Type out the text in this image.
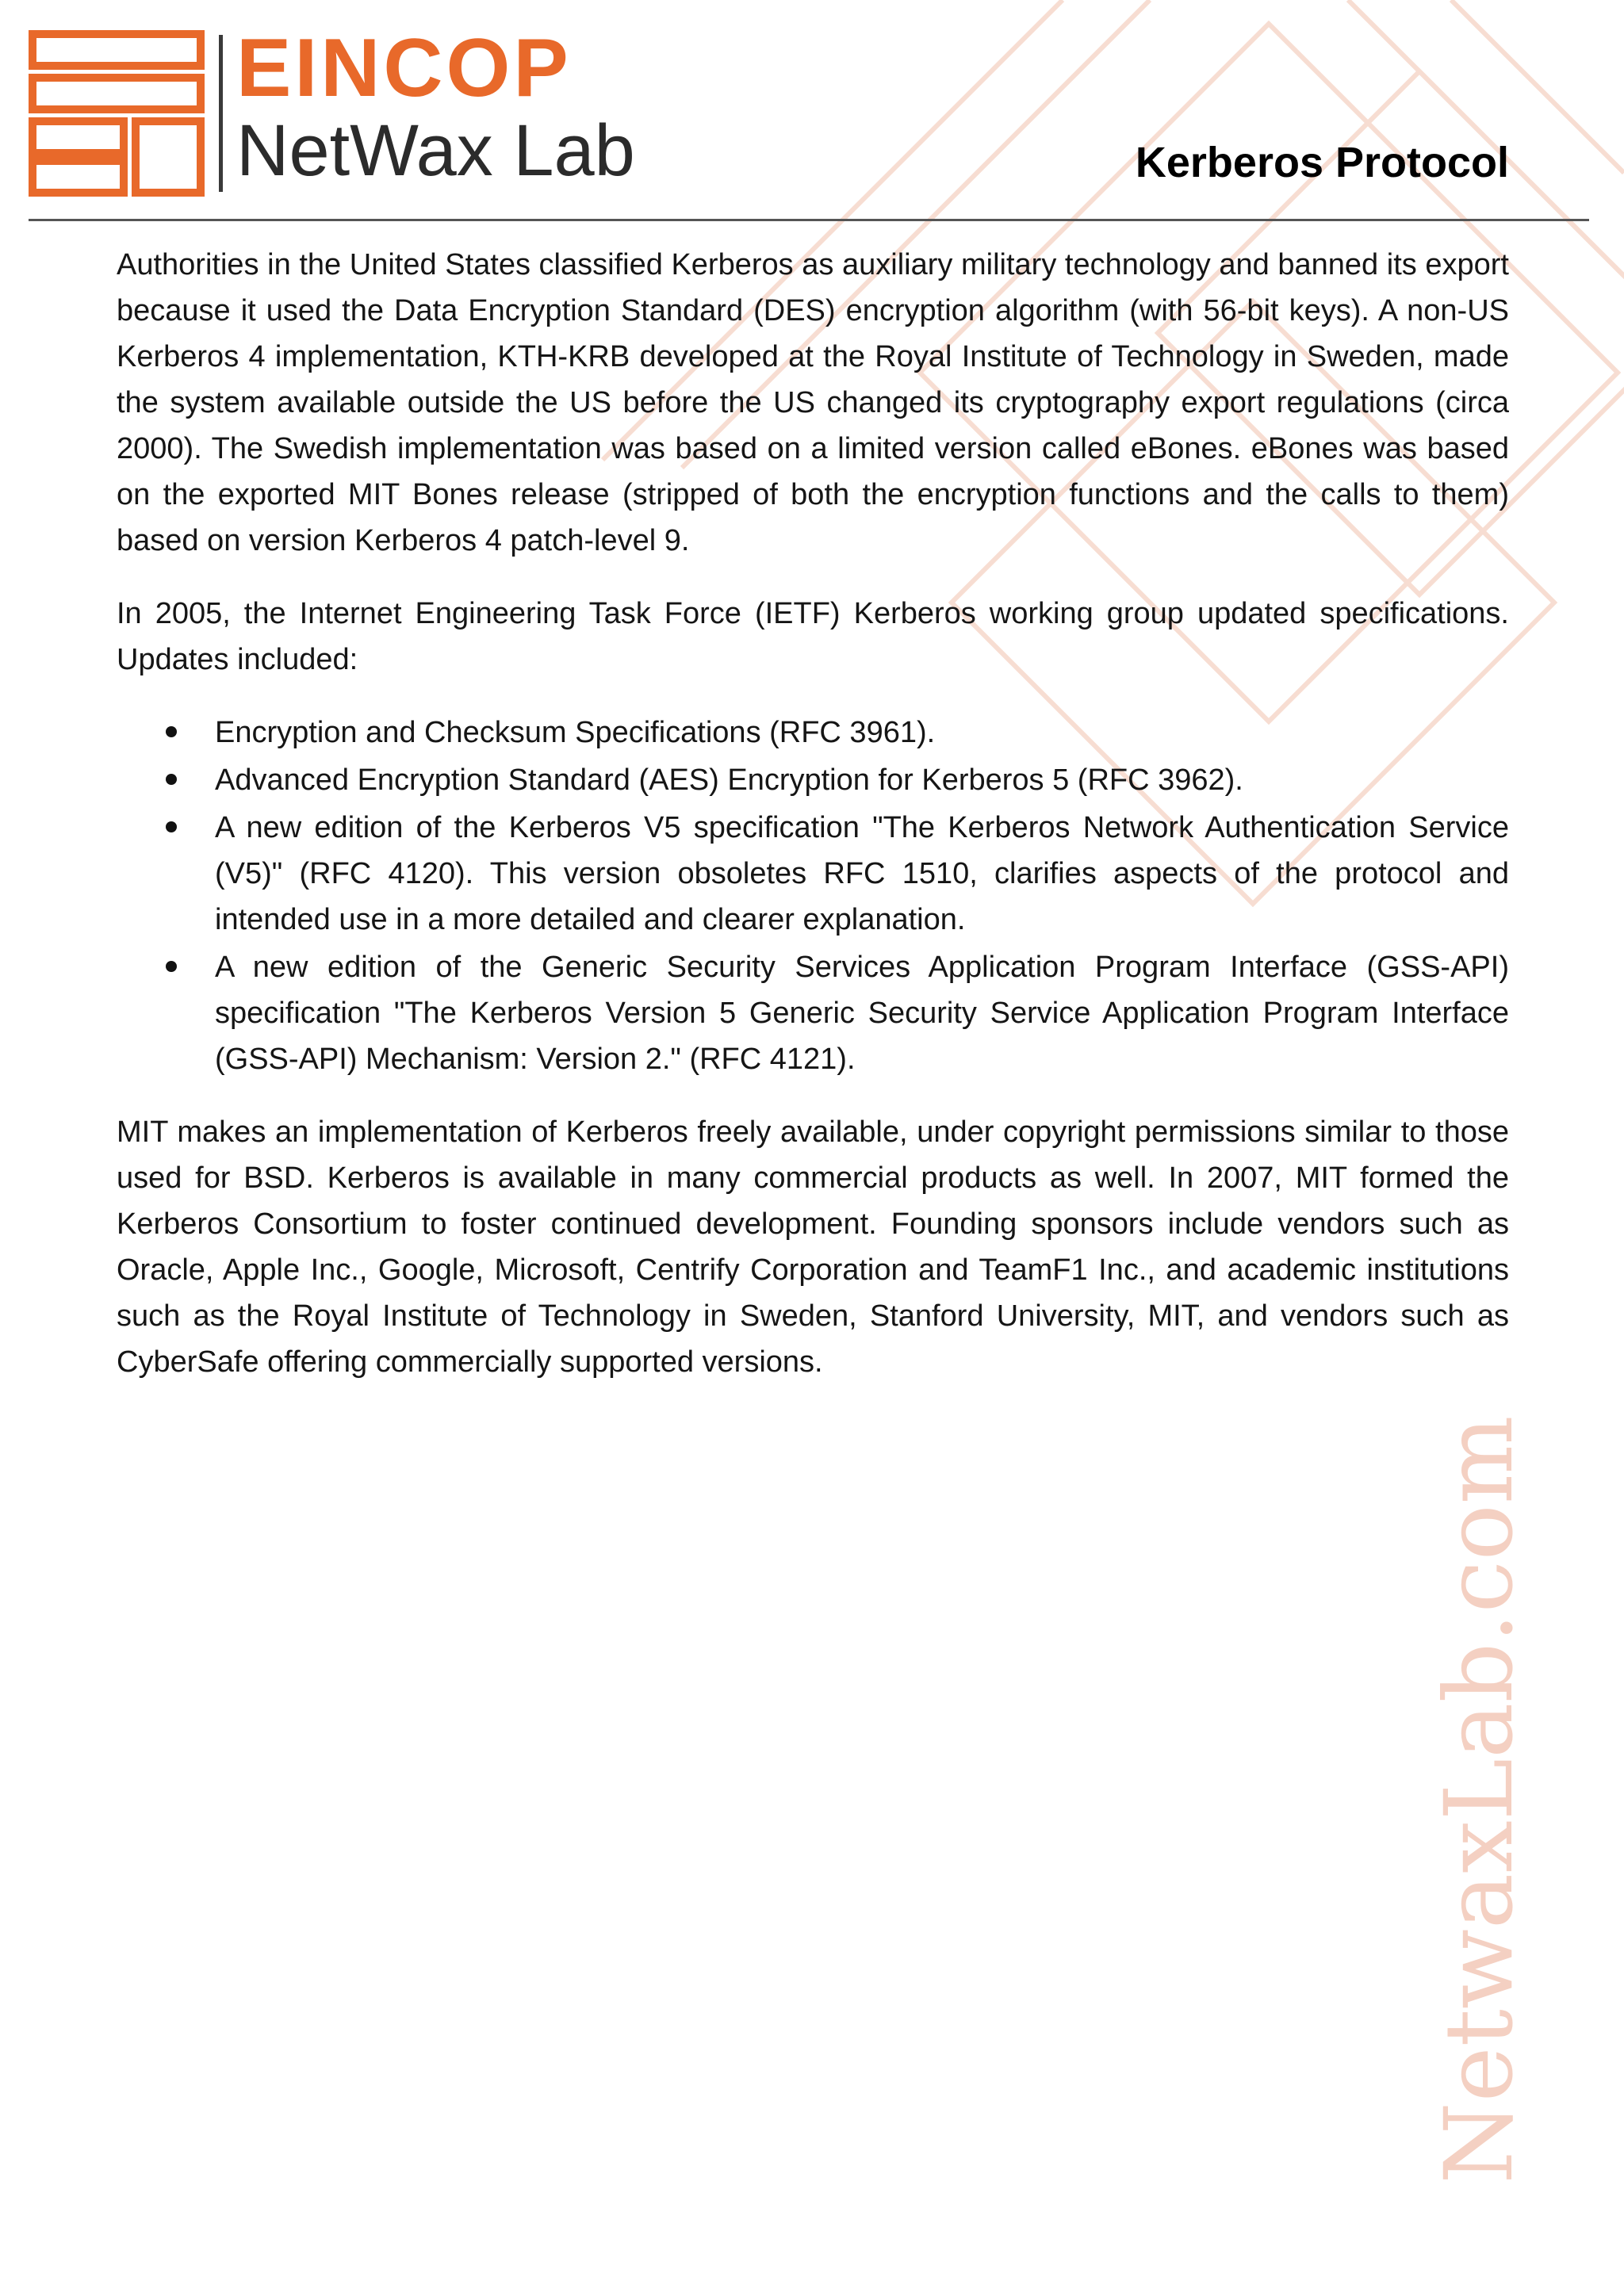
EINCOP
NetWax Lab	Kerberos Protocol

Authorities in the United States classified Kerberos as auxiliary military technology and banned its export because it used the Data Encryption Standard (DES) encryption algorithm (with 56-bit keys). A non-US Kerberos 4 implementation, KTH-KRB developed at the Royal Institute of Technology in Sweden, made the system available outside the US before the US changed its cryptography export regulations (circa 2000). The Swedish implementation was based on a limited version called eBones. eBones was based on the exported MIT Bones release (stripped of both the encryption functions and the calls to them) based on version Kerberos 4 patch-level 9.

In 2005, the Internet Engineering Task Force (IETF) Kerberos working group updated specifications. Updates included:

Encryption and Checksum Specifications (RFC 3961).
Advanced Encryption Standard (AES) Encryption for Kerberos 5 (RFC 3962).
A new edition of the Kerberos V5 specification "The Kerberos Network Authentication Service (V5)" (RFC 4120). This version obsoletes RFC 1510, clarifies aspects of the protocol and intended use in a more detailed and clearer explanation.
A new edition of the Generic Security Services Application Program Interface (GSS-API) specification "The Kerberos Version 5 Generic Security Service Application Program Interface (GSS-API) Mechanism: Version 2." (RFC 4121).

MIT makes an implementation of Kerberos freely available, under copyright permissions similar to those used for BSD. Kerberos is available in many commercial products as well. In 2007, MIT formed the Kerberos Consortium to foster continued development. Founding sponsors include vendors such as Oracle, Apple Inc., Google, Microsoft, Centrify Corporation and TeamF1 Inc., and academic institutions such as the Royal Institute of Technology in Sweden, Stanford University, MIT, and vendors such as CyberSafe offering commercially supported versions.

NetwaxLab.com
